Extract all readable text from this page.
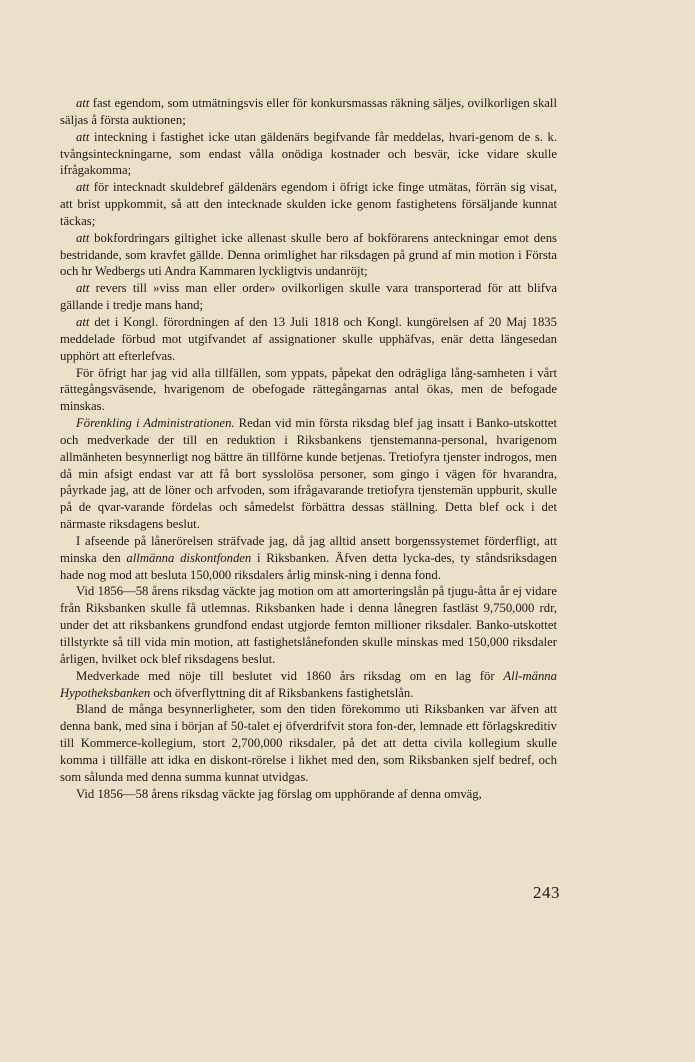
att fast egendom, som utmätningsvis eller för konkursmassas räkning säljes, ovilkorligen skall säljas å första auktionen;

att inteckning i fastighet icke utan gäldenärs begifvande får meddelas, hvari-genom de s. k. tvångsinteckningarne, som endast vålla onödiga kostnader och besvär, icke vidare skulle ifrågakomma;

att för intecknadt skuldebref gäldenärs egendom i öfrigt icke finge utmätas, förrän sig visat, att brist uppkommit, så att den intecknade skulden icke genom fastighetens försäljande kunnat täckas;

att bokfordringars giltighet icke allenast skulle bero af bokförarens anteckningar emot dens bestridande, som kravfet gällde. Denna orimlighet har riksdagen på grund af min motion i Första och hr Wedbergs uti Andra Kammaren lyckligtvis undanröjt;

att revers till »viss man eller order» ovilkorligen skulle vara transporterad för att blifva gällande i tredje mans hand;

att det i Kongl. förordningen af den 13 Juli 1818 och Kongl. kungörelsen af 20 Maj 1835 meddelade förbud mot utgifvandet af assignationer skulle upphäfvas, enär detta längesedan upphört att efterlefvas.

För öfrigt har jag vid alla tillfällen, som yppats, påpekat den odrägliga lång-samheten i vårt rättegångsväsende, hvarigenom de obefogade rättegångarnas antal ökas, men de befogade minskas.

Förenkling i Administrationen. Redan vid min första riksdag blef jag insatt i Banko-utskottet och medverkade der till en reduktion i Riksbankens tjenstemanna-personal, hvarigenom allmänheten besynnerligt nog bättre än tillförne kunde betjenas. Tretiofyra tjenster indrogos, men då min afsigt endast var att få bort sysslolösa personer, som gingo i vägen för hvarandra, påyrkade jag, att de löner och arfvoden, som ifrågavarande tretiofyra tjenstemän uppburit, skulle på de qvar-varande fördelas och såmedelst förbättra dessas ställning. Detta blef ock i det närmaste riksdagens beslut.

I afseende på lånerörelsen sträfvade jag, då jag alltid ansett borgenssystemet förderfligt, att minska den allmänna diskontfonden i Riksbanken. Äfven detta lycka-des, ty ståndsriksdagen hade nog mod att besluta 150,000 riksdalers årlig minsk-ning i denna fond.

Vid 1856—58 årens riksdag väckte jag motion om att amorteringslån på tjugu-åtta år ej vidare från Riksbanken skulle få utlemnas. Riksbanken hade i denna lånegren fastläst 9,750,000 rdr, under det att riksbankens grundfond endast utgjorde femton millioner riksdaler. Banko-utskottet tillstyrkte så till vida min motion, att fastighetslånefonden skulle minskas med 150,000 riksdaler årligen, hvilket ock blef riksdagens beslut.

Medverkade med nöje till beslutet vid 1860 års riksdag om en lag för All-männa Hypotheksbanken och öfverflyttning dit af Riksbankens fastighetslån.

Bland de många besynnerligheter, som den tiden förekommo uti Riksbanken var äfven att denna bank, med sina i början af 50-talet ej öfverdrifvit stora fon-der, lemnade ett förlagskreditiv till Kommerce-kollegium, stort 2,700,000 riksdaler, på det att detta civila kollegium skulle komma i tillfälle att idka en diskont-rörelse i likhet med den, som Riksbanken sjelf bedref, och som sålunda med denna summa kunnat utvidgas.

Vid 1856—58 årens riksdag väckte jag förslag om upphörande af denna omväg,

243
